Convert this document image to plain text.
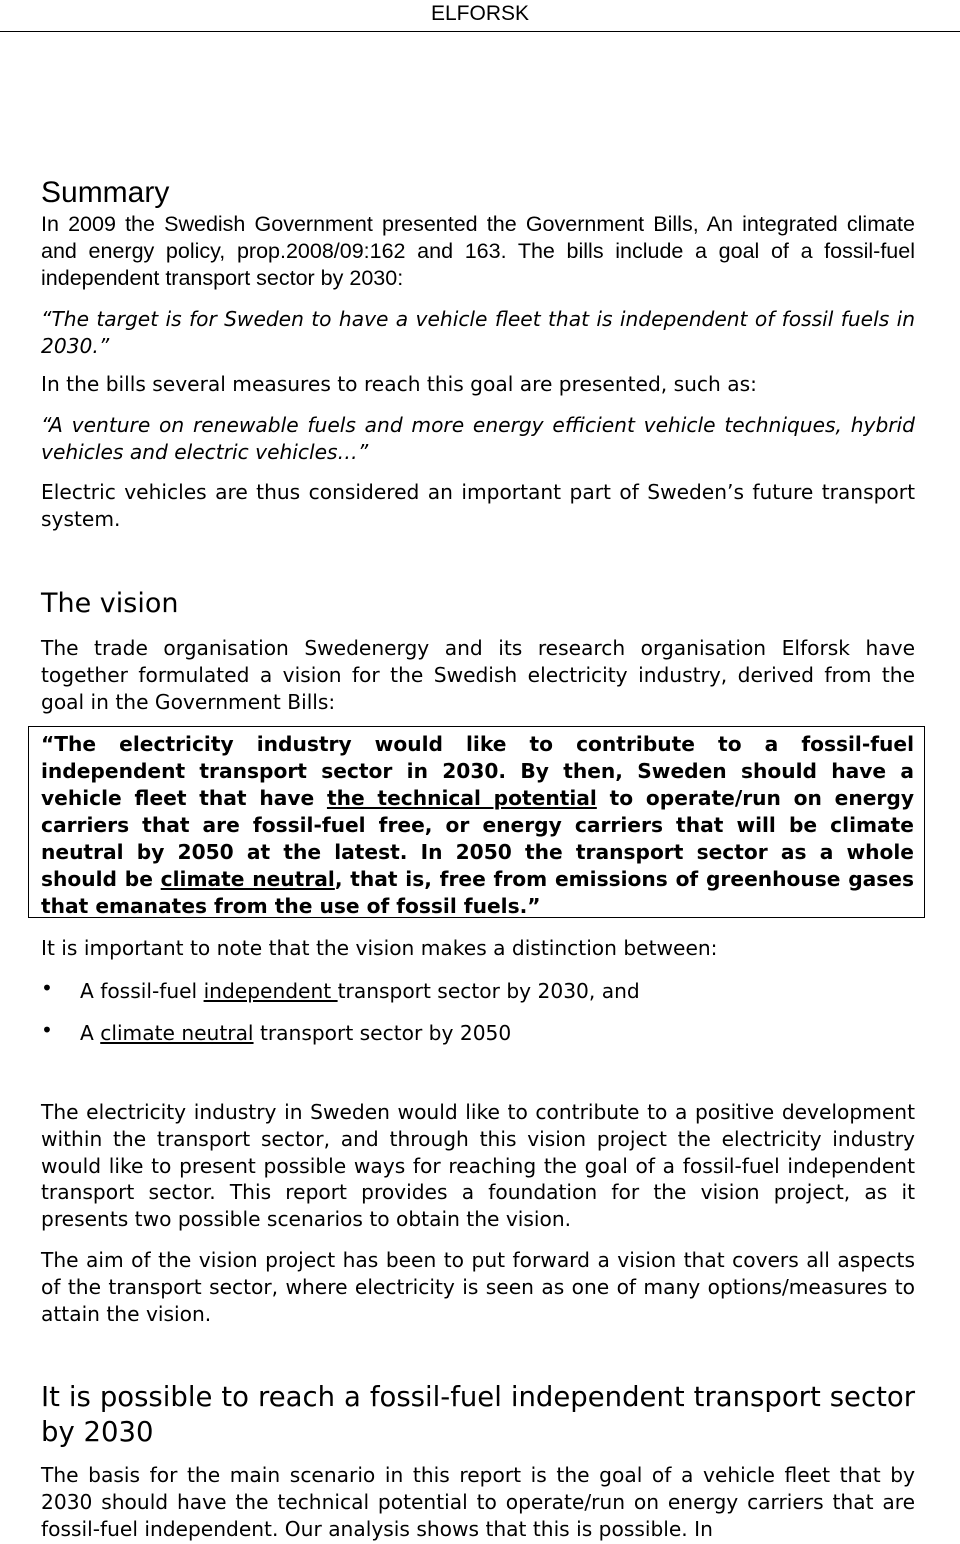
ELFORSK
Summary

In 2009 the Swedish Government presented the Government Bills, An integrated climate and energy policy, prop.2008/09:162 and 163. The bills include a goal of a fossil-fuel independent transport sector by 2030:

“The target is for Sweden to have a vehicle fleet that is independent of fossil fuels in 2030.”

In the bills several measures to reach this goal are presented, such as:

“A venture on renewable fuels and more energy efficient vehicle techniques, hybrid vehicles and electric vehicles…”

Electric vehicles are thus considered an important part of Sweden’s future transport system.

The vision

The trade organisation Swedenergy and its research organisation Elforsk have together formulated a vision for the Swedish electricity industry, derived from the goal in the Government Bills:

“The electricity industry would like to contribute to a fossil-fuel independent transport sector in 2030. By then, Sweden should have a vehicle fleet that have the technical potential to operate/run on energy carriers that are fossil-fuel free, or energy carriers that will be climate neutral by 2050 at the latest. In 2050 the transport sector as a whole should be climate neutral, that is, free from emissions of greenhouse gases that emanates from the use of fossil fuels.”

It is important to note that the vision makes a distinction between:

• A fossil-fuel independent transport sector by 2030, and

• A climate neutral transport sector by 2050

The electricity industry in Sweden would like to contribute to a positive development within the transport sector, and through this vision project the electricity industry would like to present possible ways for reaching the goal of a fossil-fuel independent transport sector. This report provides a foundation for the vision project, as it presents two possible scenarios to obtain the vision.

The aim of the vision project has been to put forward a vision that covers all aspects of the transport sector, where electricity is seen as one of many options/measures to attain the vision.

It is possible to reach a fossil-fuel independent transport sector by 2030

The basis for the main scenario in this report is the goal of a vehicle fleet that by 2030 should have the technical potential to operate/run on energy carriers that are fossil-fuel independent. Our analysis shows that this is possible. In
